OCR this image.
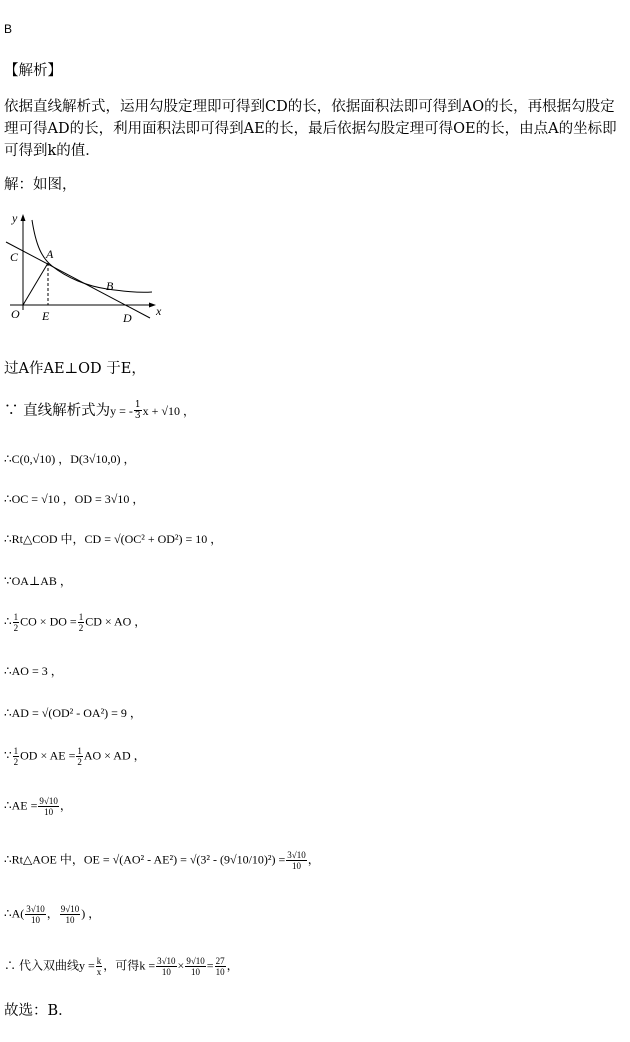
B
【解析】
依据直线解析式，运用勾股定理即可得到CD的长，依据面积法即可得到AO的长，再根据勾股定理可得AD的长，利用面积法即可得到AE的长，最后依据勾股定理可得OE的长，由点A的坐标即可得到k的值．
解：如图，
y
C A
B
O E	D x
过A作AE⊥OD 于E，
∵ 直线解析式为y = - $\frac{1}{3}$ x + √10 ，
∴C(0,√10) ，D(3√10,0) ，
∴OC = √10 ，OD = 3√10 ，
∴Rt△COD 中，CD = √(OC² + OD²) = 10 ，
∵OA⊥AB ，
∴ $\frac{1}{2}$ CO × DO = $\frac{1}{2}$ CD × AO ，
∴AO = 3 ，
∴AD = √(OD² - OA²) = 9 ，
∵ $\frac{1}{2}$ OD × AE = $\frac{1}{2}$ AO × AD ，
∴AE = $\frac{9√10}{10}$ ，
∴Rt△AOE 中，OE = $√(AO^2 - AE^2) = √(3^2 - (9√10/10)^2) = \frac{3√10}{10}$ ，
∴A( $\frac{3√10}{10}$ ， $\frac{9√10}{10}$ ) ，
∴ 代入双曲线$y = \frac{k}{x}$ ，可得$k = \frac{3√10}{10} \times \frac{9√10}{10} = \frac{27}{10}$ ，
故选：B．
